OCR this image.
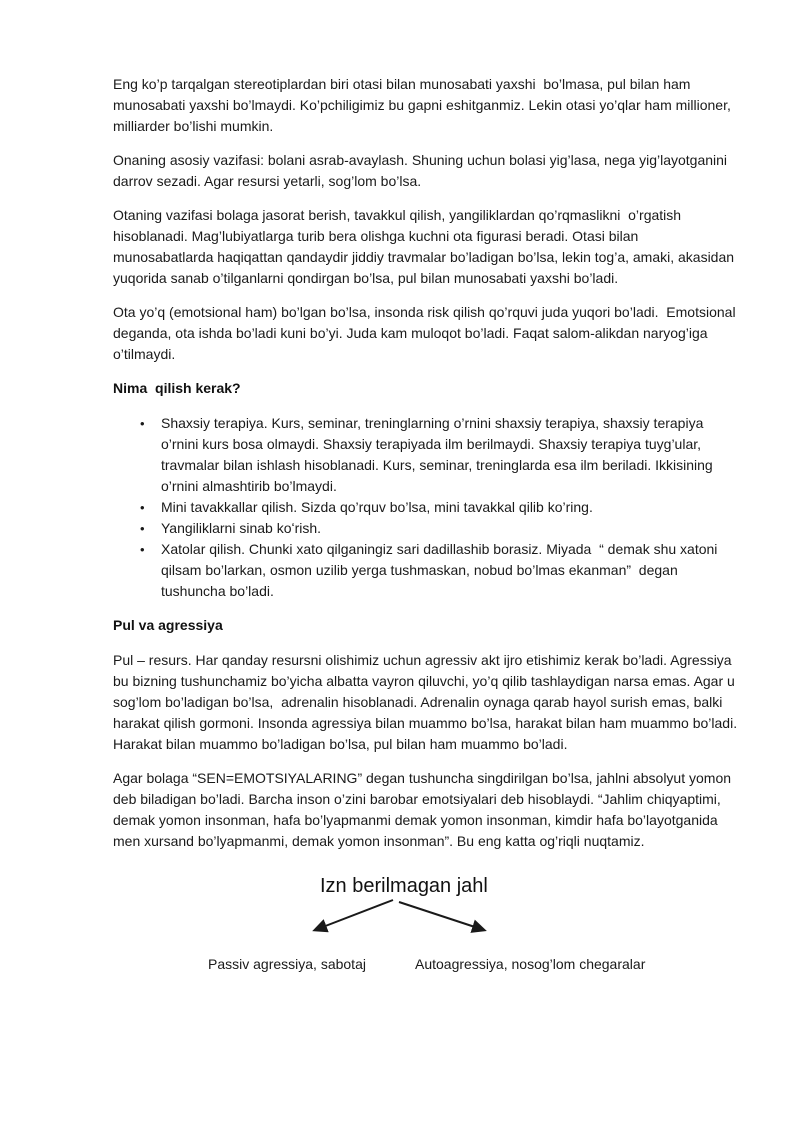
Eng ko’p tarqalgan stereotiplardan biri otasi bilan munosabati yaxshi  bo’lmasa, pul bilan ham munosabati yaxshi bo’lmaydi. Ko’pchiligimiz bu gapni eshitganmiz. Lekin otasi yo’qlar ham millioner, milliarder bo’lishi mumkin.

Onaning asosiy vazifasi: bolani asrab-avaylash. Shuning uchun bolasi yig’lasa, nega yig’layotganini darrov sezadi. Agar resursi yetarli, sog’lom bo’lsa.

Otaning vazifasi bolaga jasorat berish, tavakkul qilish, yangiliklardan qo’rqmaslikni  o’rgatish hisoblanadi. Mag’lubiyatlarga turib bera olishga kuchni ota figurasi beradi. Otasi bilan munosabatlarda haqiqattan qandaydir jiddiy travmalar bo’ladigan bo’lsa, lekin tog’a, amaki, akasidan yuqorida sanab o’tilganlarni qondirgan bo’lsa, pul bilan munosabati yaxshi bo’ladi.

Ota yo’q (emotsional ham) bo’lgan bo’lsa, insonda risk qilish qo’rquvi juda yuqori bo’ladi.  Emotsional deganda, ota ishda bo’ladi kuni bo’yi. Juda kam muloqot bo’ladi. Faqat salom-alikdan naryog’iga o’tilmaydi.

Nima  qilish kerak?
• Shaxsiy terapiya. Kurs, seminar, treninglarning o’rnini shaxsiy terapiya, shaxsiy terapiya o’rnini kurs bosa olmaydi. Shaxsiy terapiyada ilm berilmaydi. Shaxsiy terapiya tuyg’ular, travmalar bilan ishlash hisoblanadi. Kurs, seminar, treninglarda esa ilm beriladi. Ikkisining o’rnini almashtirib bo’lmaydi.
• Mini tavakkallar qilish. Sizda qo’rquv bo’lsa, mini tavakkal qilib ko’ring.
• Yangiliklarni sinab koʻrish.
• Xatolar qilish. Chunki xato qilganingiz sari dadillashib borasiz. Miyada  “ demak shu xatoni qilsam bo’larkan, osmon uzilib yerga tushmaskan, nobud bo’lmas ekanman”  degan tushuncha bo’ladi.
Pul va agressiya

Pul – resurs. Har qanday resursni olishimiz uchun agressiv akt ijro etishimiz kerak bo’ladi. Agressiya bu bizning tushunchamiz bo’yicha albatta vayron qiluvchi, yo’q qilib tashlaydigan narsa emas. Agar u sog’lom bo’ladigan bo’lsa,  adrenalin hisoblanadi. Adrenalin oynaga qarab hayol surish emas, balki harakat qilish gormoni. Insonda agressiya bilan muammo bo’lsa, harakat bilan ham muammo bo’ladi. Harakat bilan muammo bo’ladigan bo’lsa, pul bilan ham muammo bo’ladi.

Agar bolaga “SEN=EMOTSIYALARING” degan tushuncha singdirilgan bo’lsa, jahlni absolyut yomon deb biladigan bo’ladi. Barcha inson o’zini barobar emotsiyalari deb hisoblaydi. “Jahlim chiqyaptimi, demak yomon insonman, hafa bo’lyapmanmi demak yomon insonman, kimdir hafa bo’layotganida men xursand bo’lyapmanmi, demak yomon insonman”. Bu eng katta og’riqli nuqtamiz.

Izn berilmagan jahl
Passiv agressiya, sabotaj	Autoagressiya, nosog’lom chegaralar
